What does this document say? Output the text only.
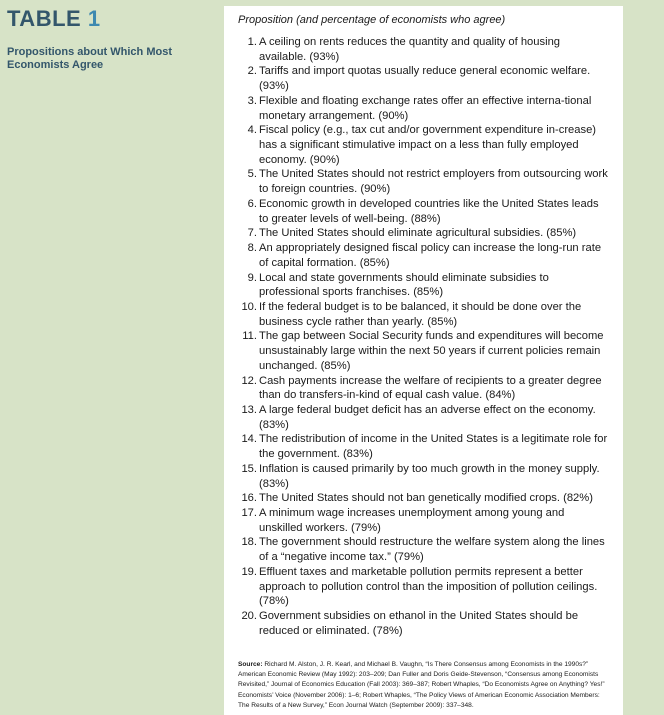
TABLE 1
Propositions about Which Most Economists Agree
Proposition (and percentage of economists who agree)
1. A ceiling on rents reduces the quantity and quality of housing available. (93%)
2. Tariffs and import quotas usually reduce general economic welfare. (93%)
3. Flexible and floating exchange rates offer an effective interna-tional monetary arrangement. (90%)
4. Fiscal policy (e.g., tax cut and/or government expenditure in-crease) has a significant stimulative impact on a less than fully employed economy. (90%)
5. The United States should not restrict employers from outsourcing work to foreign countries. (90%)
6. Economic growth in developed countries like the United States leads to greater levels of well-being. (88%)
7. The United States should eliminate agricultural subsidies. (85%)
8. An appropriately designed fiscal policy can increase the long-run rate of capital formation. (85%)
9. Local and state governments should eliminate subsidies to professional sports franchises. (85%)
10. If the federal budget is to be balanced, it should be done over the business cycle rather than yearly. (85%)
11. The gap between Social Security funds and expenditures will become unsustainably large within the next 50 years if current policies remain unchanged. (85%)
12. Cash payments increase the welfare of recipients to a greater degree than do transfers-in-kind of equal cash value. (84%)
13. A large federal budget deficit has an adverse effect on the economy. (83%)
14. The redistribution of income in the United States is a legitimate role for the government. (83%)
15. Inflation is caused primarily by too much growth in the money supply. (83%)
16. The United States should not ban genetically modified crops. (82%)
17. A minimum wage increases unemployment among young and unskilled workers. (79%)
18. The government should restructure the welfare system along the lines of a “negative income tax.” (79%)
19. Effluent taxes and marketable pollution permits represent a better approach to pollution control than the imposition of pollution ceilings. (78%)
20. Government subsidies on ethanol in the United States should be reduced or eliminated. (78%)
Source: Richard M. Alston, J. R. Kearl, and Michael B. Vaughn, “Is There Consensus among Economists in the 1990s?” American Economic Review (May 1992): 203–209; Dan Fuller and Doris Geide-Stevenson, “Consensus among Economists Revisited,” Journal of Economics Education (Fall 2003): 369–387; Robert Whaples, “Do Economists Agree on Anything? Yes!” Economists’ Voice (November 2006): 1–6; Robert Whaples, “The Policy Views of American Economic Association Members: The Results of a New Survey,” Econ Journal Watch (September 2009): 337–348.
